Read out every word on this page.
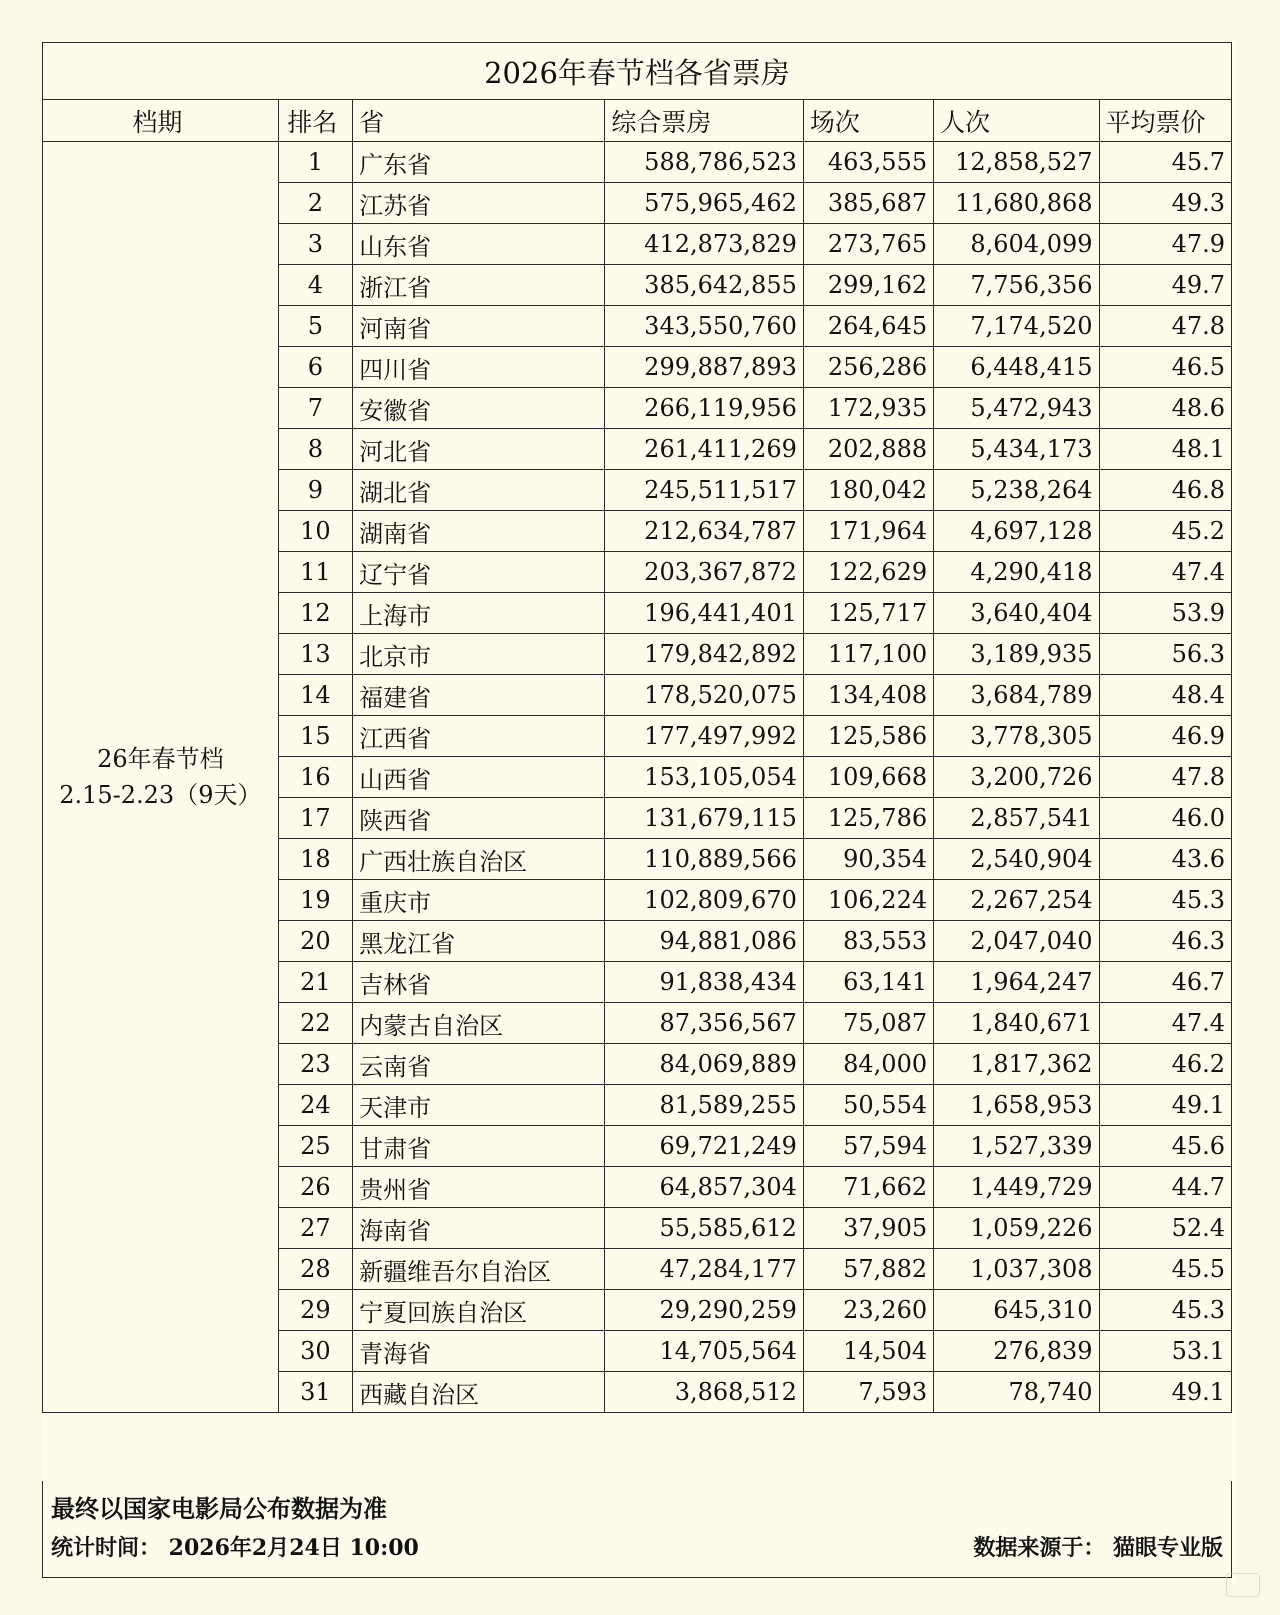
2026年春节档各省票房						
档期	排名	省	综合票房	场次	人次	平均票价

26年春节档
2.15-2.23（9天）	1	广东省	588,786,523	463,555	12,858,527	45.7
	2	江苏省	575,965,462	385,687	11,680,868	49.3
	3	山东省	412,873,829	273,765	8,604,099	47.9
	4	浙江省	385,642,855	299,162	7,756,356	49.7
	5	河南省	343,550,760	264,645	7,174,520	47.8
	6	四川省	299,887,893	256,286	6,448,415	46.5
	7	安徽省	266,119,956	172,935	5,472,943	48.6
	8	河北省	261,411,269	202,888	5,434,173	48.1
	9	湖北省	245,511,517	180,042	5,238,264	46.8
	10	湖南省	212,634,787	171,964	4,697,128	45.2
	11	辽宁省	203,367,872	122,629	4,290,418	47.4
	12	上海市	196,441,401	125,717	3,640,404	53.9
	13	北京市	179,842,892	117,100	3,189,935	56.3
	14	福建省	178,520,075	134,408	3,684,789	48.4
	15	江西省	177,497,992	125,586	3,778,305	46.9
	16	山西省	153,105,054	109,668	3,200,726	47.8
	17	陕西省	131,679,115	125,786	2,857,541	46.0
	18	广西壮族自治区	110,889,566	90,354	2,540,904	43.6
	19	重庆市	102,809,670	106,224	2,267,254	45.3
	20	黑龙江省	94,881,086	83,553	2,047,040	46.3
	21	吉林省	91,838,434	63,141	1,964,247	46.7
	22	内蒙古自治区	87,356,567	75,087	1,840,671	47.4
	23	云南省	84,069,889	84,000	1,817,362	46.2
	24	天津市	81,589,255	50,554	1,658,953	49.1
	25	甘肃省	69,721,249	57,594	1,527,339	45.6
	26	贵州省	64,857,304	71,662	1,449,729	44.7
	27	海南省	55,585,612	37,905	1,059,226	52.4
	28	新疆维吾尔自治区	47,284,177	57,882	1,037,308	45.5
	29	宁夏回族自治区	29,290,259	23,260	645,310	45.3
	30	青海省	14,705,564	14,504	276,839	53.1
	31	西藏自治区	3,868,512	7,593	78,740	49.1
最终以国家电影局公布数据为准
统计时间： 2026年2月24日 10:00	数据来源于： 猫眼专业版
